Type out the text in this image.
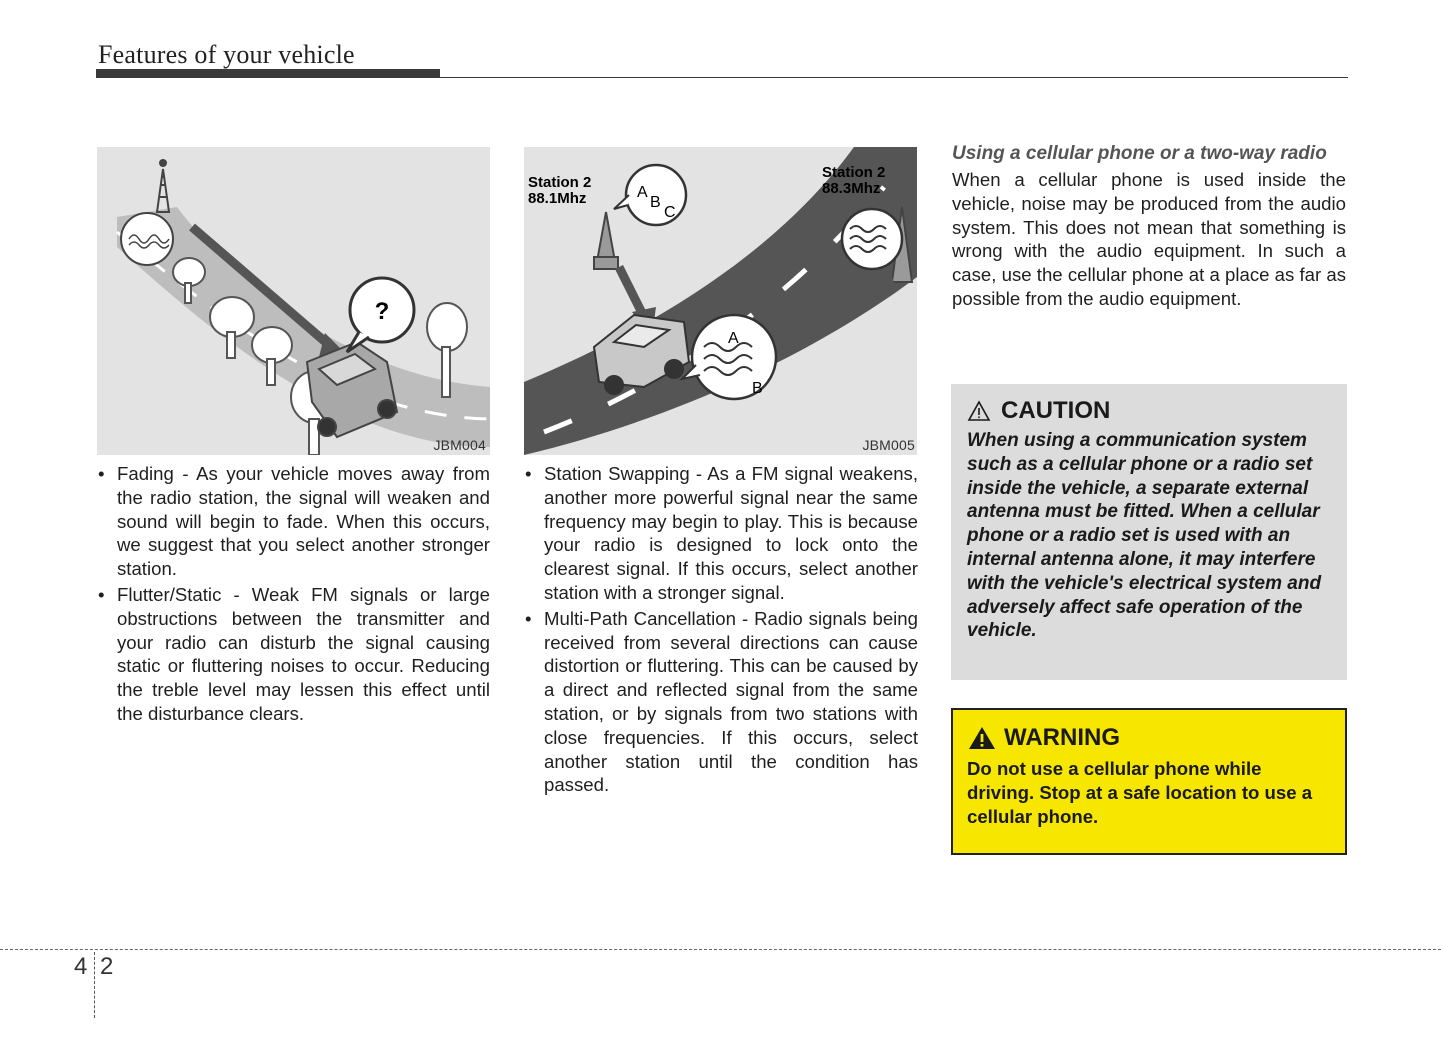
Features of your vehicle
?
JBM004
A
B
C
Station 2
88.1Mhz
Station 2
88.3Mhz
A
B
JBM005
• Fading - As your vehicle moves away from the radio station, the signal will weaken and sound will begin to fade. When this occurs, we suggest that you select another stronger station.
• Flutter/Static - Weak FM signals or large obstructions between the transmitter and your radio can disturb the signal causing static or fluttering noises to occur. Reducing the treble level may lessen this effect until the disturbance clears.
• Station Swapping - As a FM signal weakens, another more powerful signal near the same frequency may begin to play. This is because your radio is designed to lock onto the clearest signal. If this occurs, select another station with a stronger signal.
• Multi-Path Cancellation - Radio signals being received from several directions can cause distortion or fluttering. This can be caused by a direct and reflected signal from the same station, or by signals from two stations with close frequencies. If this occurs, select another station until the condition has passed.
Using a cellular phone or a two-way radio
When a cellular phone is used inside the vehicle, noise may be produced from the audio system. This does not mean that something is wrong with the audio equipment. In such a case, use the cellular phone at a place as far as possible from the audio equipment.
CAUTION
When using a communication system such as a cellular phone or a radio set inside the vehicle, a separate external antenna must be fitted. When a cellular phone or a radio set is used with an internal antenna alone, it may interfere with the vehicle's electrical system and adversely affect safe operation of the vehicle.
WARNING
Do not use a cellular phone while driving. Stop at a safe location to use a cellular phone.
4 2
